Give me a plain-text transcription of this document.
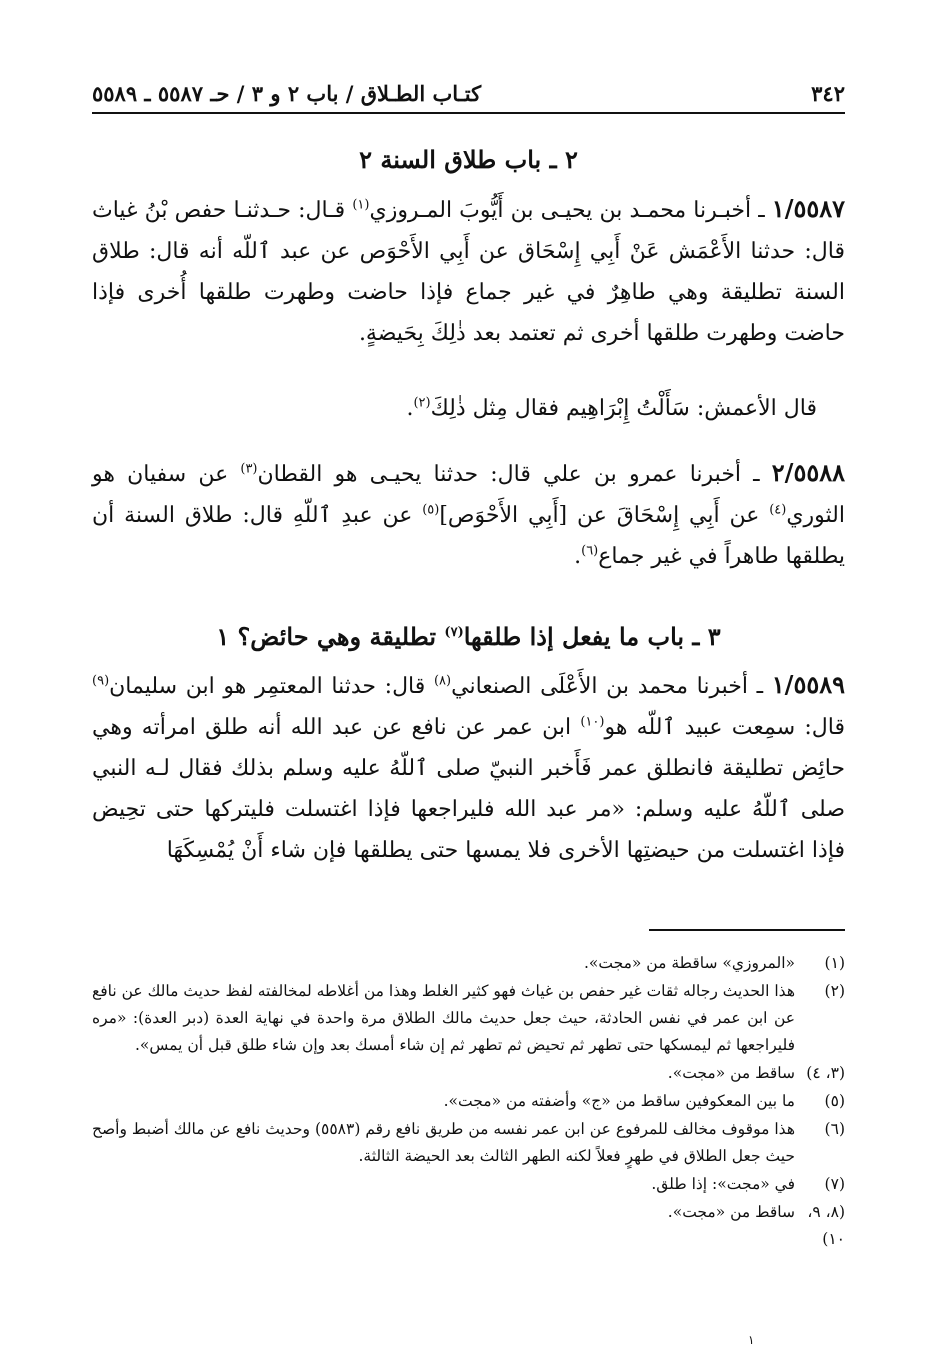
٣٤٢
كتـاب الطـلاق / باب ٢ و ٣ / حـ ٥٥٨٧ ـ ٥٥٨٩
٢ ـ باب طلاق السنة ٢
١/٥٥٨٧ ـ أخبـرنا محمـد بن يحيـى بن أَيُّوبَ المـروزي$^{(١)}$ قـال: حـدثنـا حفص بْنُ غياث قال: حدثنا الأَعْمَش عَنْ أَبِي إِسْحَاق عن أَبِي الأَحْوَص عن عبد ٱللّه أنه قال: طلاق السنة تطليقة وهي طاهِرٌ في غير جماع فإذا حاضت وطهرت طلقها أُخرى فإذا حاضت وطهرت طلقها أخرى ثم تعتمد بعد ذٰلِكَ بِحَيضةٍ.
قال الأعمش: سَأَلْتُ إِبْرَاهِيم فقال مِثل ذٰلِكَ$^{(٢)}$.
٢/٥٥٨٨ ـ أخبرنا عمرو بن علي قال: حدثنا يحيـى هو القطان$^{(٣)}$ عن سفيان هو الثوري$^{(٤)}$ عن أَبِي إِسْحَاقَ عن [أَبِي الأَحْوَص]$^{(٥)}$ عن عبدِ ٱللّهِ قال: طلاق السنة أن يطلقها طاهراً في غير جماع$^{(٦)}$.
٣ ـ باب ما يفعل إذا طلقها$^{(٧)}$ تطليقة وهي حائض؟ ١
١/٥٥٨٩ ـ أخبرنا محمد بن الأَعْلَى الصنعاني$^{(٨)}$ قال: حدثنا المعتمِر هو ابن سليمان$^{(٩)}$ قال: سمِعت عبيد ٱللّه هو$^{(١٠)}$ ابن عمر عن نافع عن عبد الله أنه طلق امرأته وهي حائِض تطليقة فانطلق عمر فَأَخبر النبيّ صلى ٱللّهُ عليه وسلم بذلك فقال لـه النبي صلى ٱللّهُ عليه وسلم: «مر عبد الله فليراجعها فإذا اغتسلت فليتركها حتى تحِيض فإذا اغتسلت من حيضتِها الأخرى فلا يمسها حتى يطلقها فإن شاء أَنْ يُمْسِكَهَا
(١)
«المروزي» ساقطة من «مجت».
(٢)
هذا الحديث رجاله ثقات غير حفص بن غياث فهو كثير الغلط وهذا من أغلاطه لمخالفته لفظ حديث مالك عن نافع عن ابن عمر في نفس الحادثة، حيث جعل حديث مالك الطلاق مرة واحدة في نهاية العدة (دبر العدة): «مره فليراجعها ثم ليمسكها حتى تطهر ثم تحيض ثم تطهر ثم إن شاء أمسك بعد وإن شاء طلق قبل أن يمس».
(٣، ٤)
ساقط من «مجت».
(٥)
ما بين المعكوفين ساقط من «ج» وأضفته من «مجت».
(٦)
هذا موقوف مخالف للمرفوع عن ابن عمر نفسه من طريق نافع رقم (٥٥٨٣) وحديث نافع عن مالك أضبط وأصح حيث جعل الطلاق في طهرٍ فعلاً لكنه الطهر الثالث بعد الحيضة الثالثة.
(٧)
في «مجت»: إذا طلق.
(٨، ٩، ١٠)
ساقط من «مجت».
١
